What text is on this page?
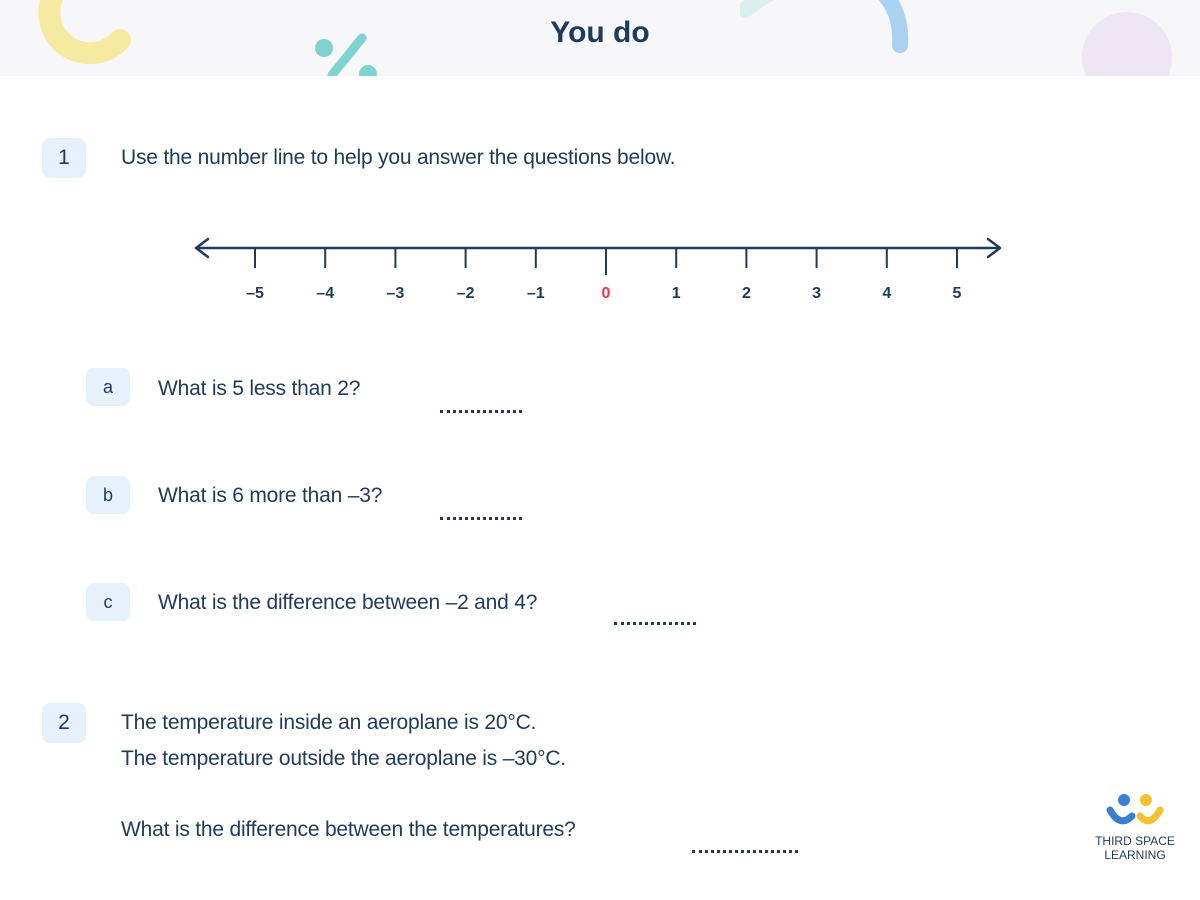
You do
1	Use the number line to help you answer the questions below.
–5	–4	–3	–2	–1	0	1	2	3	4	5
a	What is 5 less than 2?
b	What is 6 more than –3?
c	What is the difference between –2 and 4?
2	The temperature inside an aeroplane is 20°C.
The temperature outside the aeroplane is –30°C.
What is the difference between the temperatures?	THIRD SPACE
LEARNING
